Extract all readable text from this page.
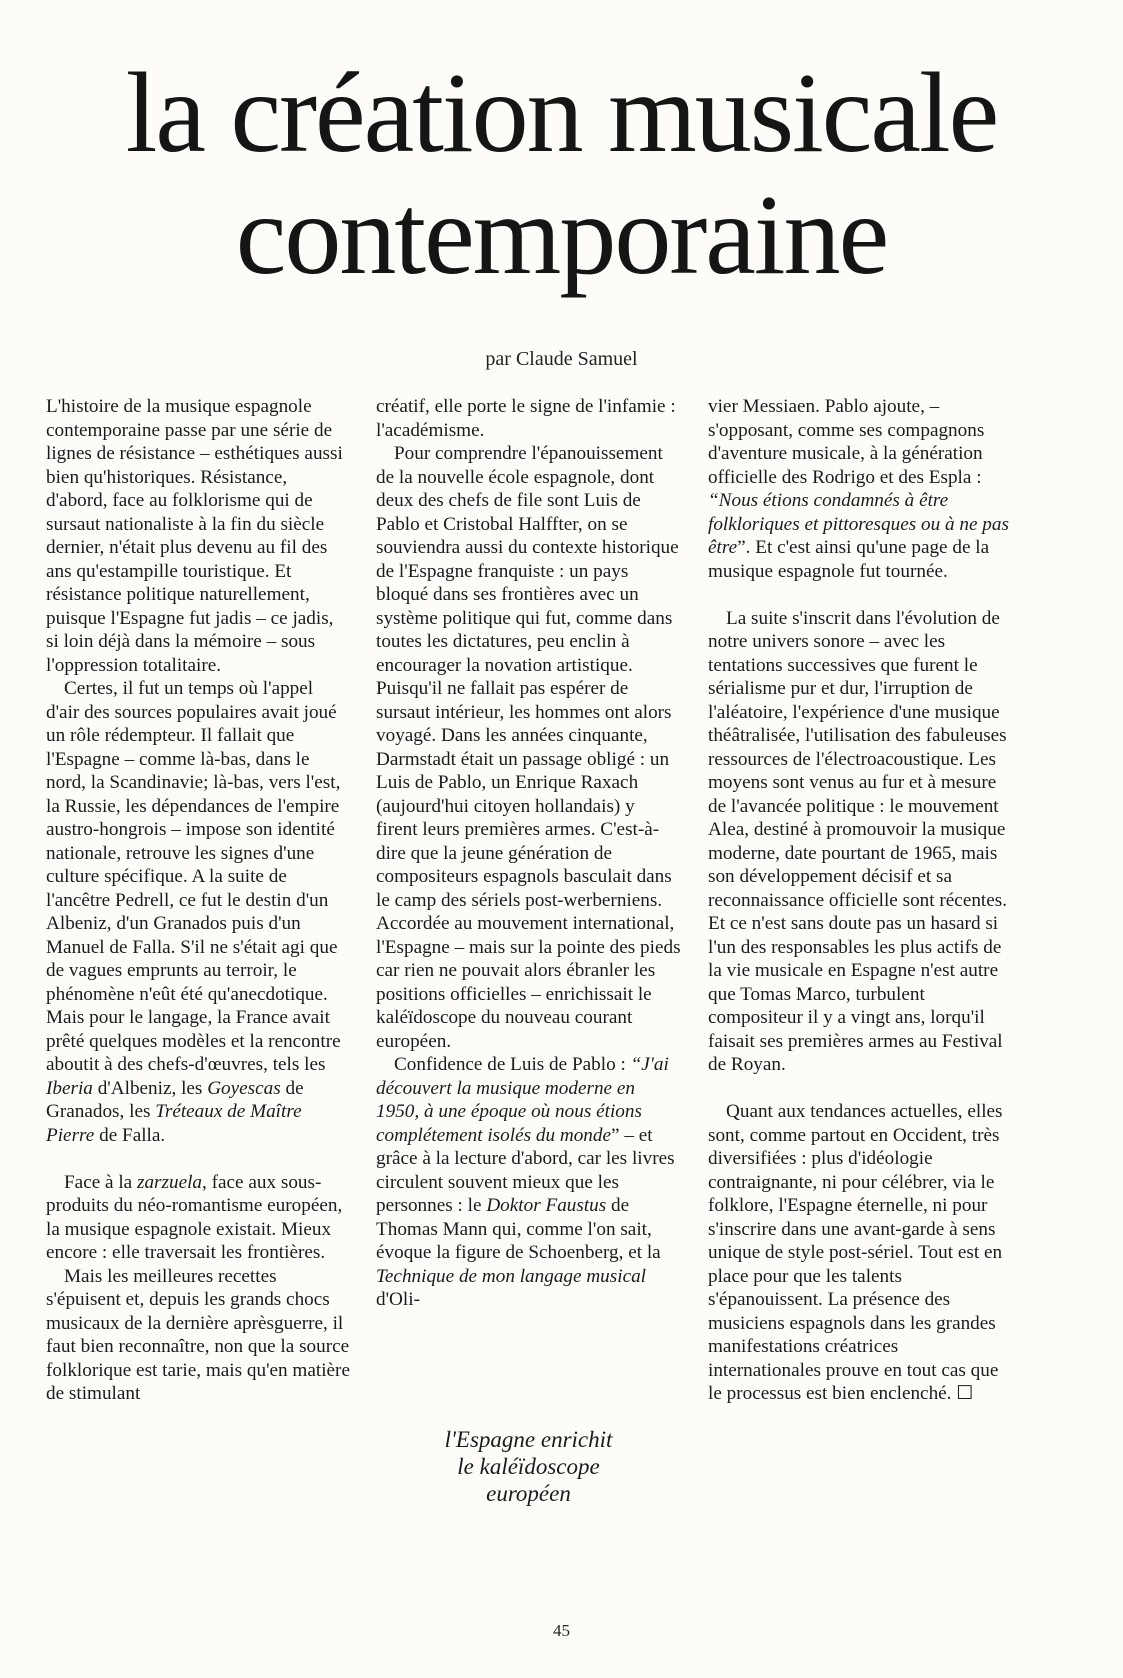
la création musicale
contemporaine
par Claude Samuel

L'histoire de la musique espagnole contemporaine passe par une série de lignes de résistance – esthétiques aussi bien qu'historiques. Résistance, d'abord, face au folklorisme qui de sursaut nationaliste à la fin du siècle dernier, n'était plus devenu au fil des ans qu'estampille touristique. Et résistance politique naturellement, puisque l'Espagne fut jadis – ce jadis, si loin déjà dans la mémoire – sous l'oppression totalitaire.

Certes, il fut un temps où l'appel d'air des sources populaires avait joué un rôle rédempteur. Il fallait que l'Espagne – comme là-bas, dans le nord, la Scandinavie; là-bas, vers l'est, la Russie, les dépendances de l'empire austro-hongrois – impose son identité nationale, retrouve les signes d'une culture spécifique. A la suite de l'ancêtre Pedrell, ce fut le destin d'un Albeniz, d'un Granados puis d'un Manuel de Falla. S'il ne s'était agi que de vagues emprunts au terroir, le phénomène n'eût été qu'anecdotique. Mais pour le langage, la France avait prêté quelques modèles et la rencontre aboutit à des chefs-d'œuvres, tels les Iberia d'Albeniz, les Goyescas de Granados, les Tréteaux de Maître Pierre de Falla.

Face à la zarzuela, face aux sous-produits du néo-romantisme européen, la musique espagnole existait. Mieux encore : elle traversait les frontières.

Mais les meilleures recettes s'épuisent et, depuis les grands chocs musicaux de la dernière aprèsguerre, il faut bien reconnaître, non que la source folklorique est tarie, mais qu'en matière de stimulant

créatif, elle porte le signe de l'infamie : l'académisme.

Pour comprendre l'épanouissement de la nouvelle école espagnole, dont deux des chefs de file sont Luis de Pablo et Cristobal Halffter, on se souviendra aussi du contexte historique de l'Espagne franquiste : un pays bloqué dans ses frontières avec un système politique qui fut, comme dans toutes les dictatures, peu enclin à encourager la novation artistique. Puisqu'il ne fallait pas espérer de sursaut intérieur, les hommes ont alors voyagé. Dans les années cinquante, Darmstadt était un passage obligé : un Luis de Pablo, un Enrique Raxach (aujourd'hui citoyen hollandais) y firent leurs premières armes. C'est-à-dire que la jeune génération de compositeurs espagnols basculait dans le camp des sériels post-werberniens. Accordée au mouvement international, l'Espagne – mais sur la pointe des pieds car rien ne pouvait alors ébranler les positions officielles – enrichissait le kaléïdoscope du nouveau courant européen.

Confidence de Luis de Pablo : “J'ai découvert la musique moderne en 1950, à une époque où nous étions complétement isolés du monde” – et grâce à la lecture d'abord, car les livres circulent souvent mieux que les personnes : le Doktor Faustus de Thomas Mann qui, comme l'on sait, évoque la figure de Schoenberg, et la Technique de mon langage musical d'Oli-

l'Espagne enrichit
le kaléïdoscope
européen

vier Messiaen. Pablo ajoute, – s'opposant, comme ses compagnons d'aventure musicale, à la génération officielle des Rodrigo et des Espla : “Nous étions condamnés à être folkloriques et pittoresques ou à ne pas être”. Et c'est ainsi qu'une page de la musique espagnole fut tournée.

La suite s'inscrit dans l'évolution de notre univers sonore – avec les tentations successives que furent le sérialisme pur et dur, l'irruption de l'aléatoire, l'expérience d'une musique théâtralisée, l'utilisation des fabuleuses ressources de l'électroacoustique. Les moyens sont venus au fur et à mesure de l'avancée politique : le mouvement Alea, destiné à promouvoir la musique moderne, date pourtant de 1965, mais son développement décisif et sa reconnaissance officielle sont récentes. Et ce n'est sans doute pas un hasard si l'un des responsables les plus actifs de la vie musicale en Espagne n'est autre que Tomas Marco, turbulent compositeur il y a vingt ans, lorqu'il faisait ses premières armes au Festival de Royan.

Quant aux tendances actuelles, elles sont, comme partout en Occident, très diversifiées : plus d'idéologie contraignante, ni pour célébrer, via le folklore, l'Espagne éternelle, ni pour s'inscrire dans une avant-garde à sens unique de style post-sériel. Tout est en place pour que les talents s'épanouissent. La présence des musiciens espagnols dans les grandes manifestations créatrices internationales prouve en tout cas que le processus est bien enclenché. ☐

45
